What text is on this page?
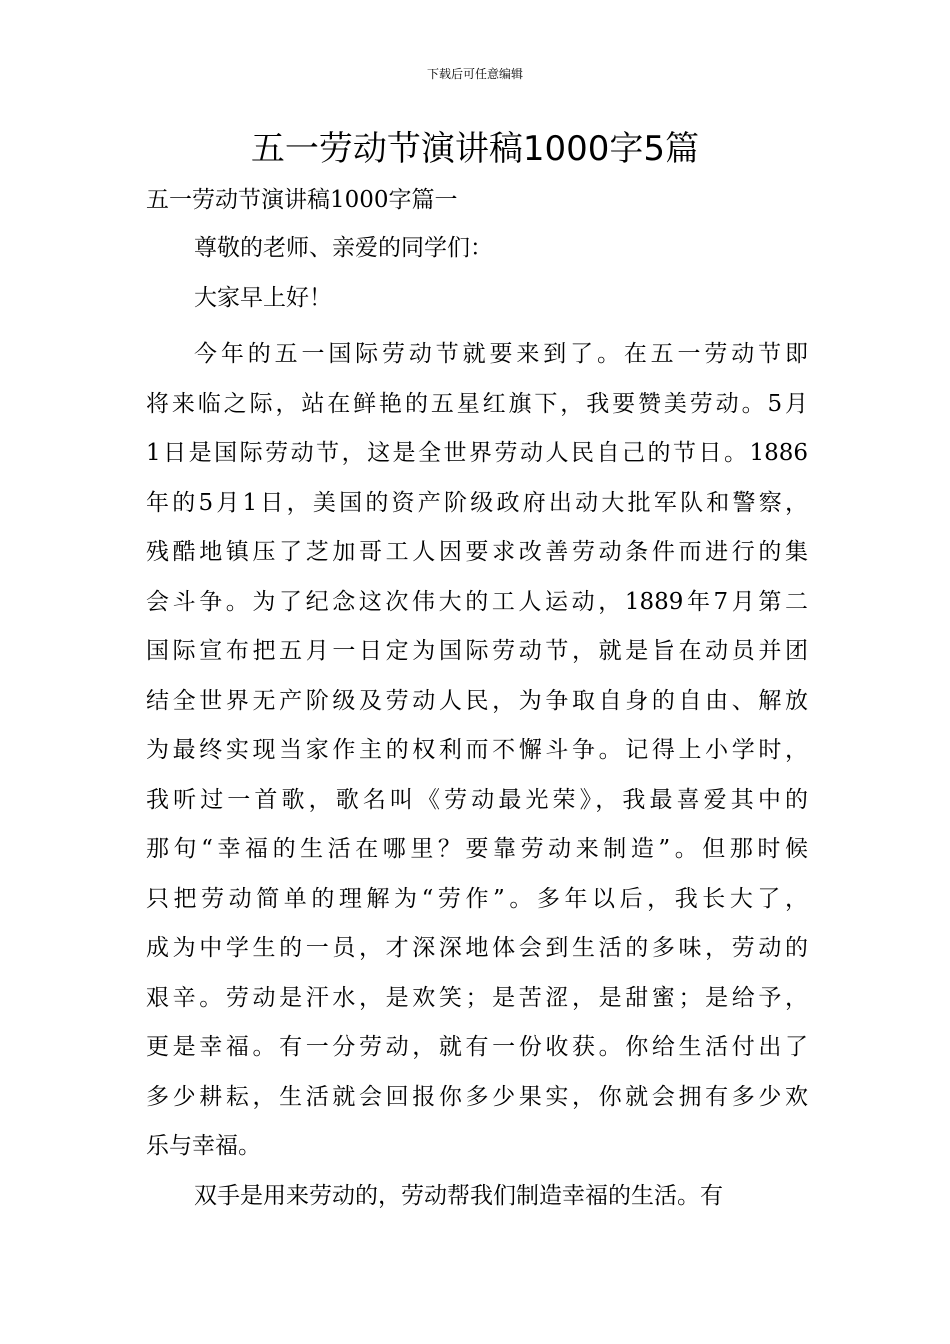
下载后可任意编辑
五一劳动节演讲稿1000字5篇
五一劳动节演讲稿1000字篇一
尊敬的老师、亲爱的同学们：
大家早上好！
今年的五一国际劳动节就要来到了。在五一劳动节即
将来临之际，站在鲜艳的五星红旗下，我要赞美劳动。5月
1日是国际劳动节，这是全世界劳动人民自己的节日。1886
年的5月1日，美国的资产阶级政府出动大批军队和警察，
残酷地镇压了芝加哥工人因要求改善劳动条件而进行的集
会斗争。为了纪念这次伟大的工人运动，1889年7月第二
国际宣布把五月一日定为国际劳动节，就是旨在动员并团
结全世界无产阶级及劳动人民，为争取自身的自由、解放
为最终实现当家作主的权利而不懈斗争。记得上小学时，
我听过一首歌，歌名叫《劳动最光荣》，我最喜爱其中的
那句“幸福的生活在哪里？要靠劳动来制造”。但那时候
只把劳动简单的理解为“劳作”。多年以后，我长大了，
成为中学生的一员，才深深地体会到生活的多味，劳动的
艰辛。劳动是汗水，是欢笑；是苦涩，是甜蜜；是给予，
更是幸福。有一分劳动，就有一份收获。你给生活付出了
多少耕耘，生活就会回报你多少果实，你就会拥有多少欢
乐与幸福。
双手是用来劳动的，劳动帮我们制造幸福的生活。有
